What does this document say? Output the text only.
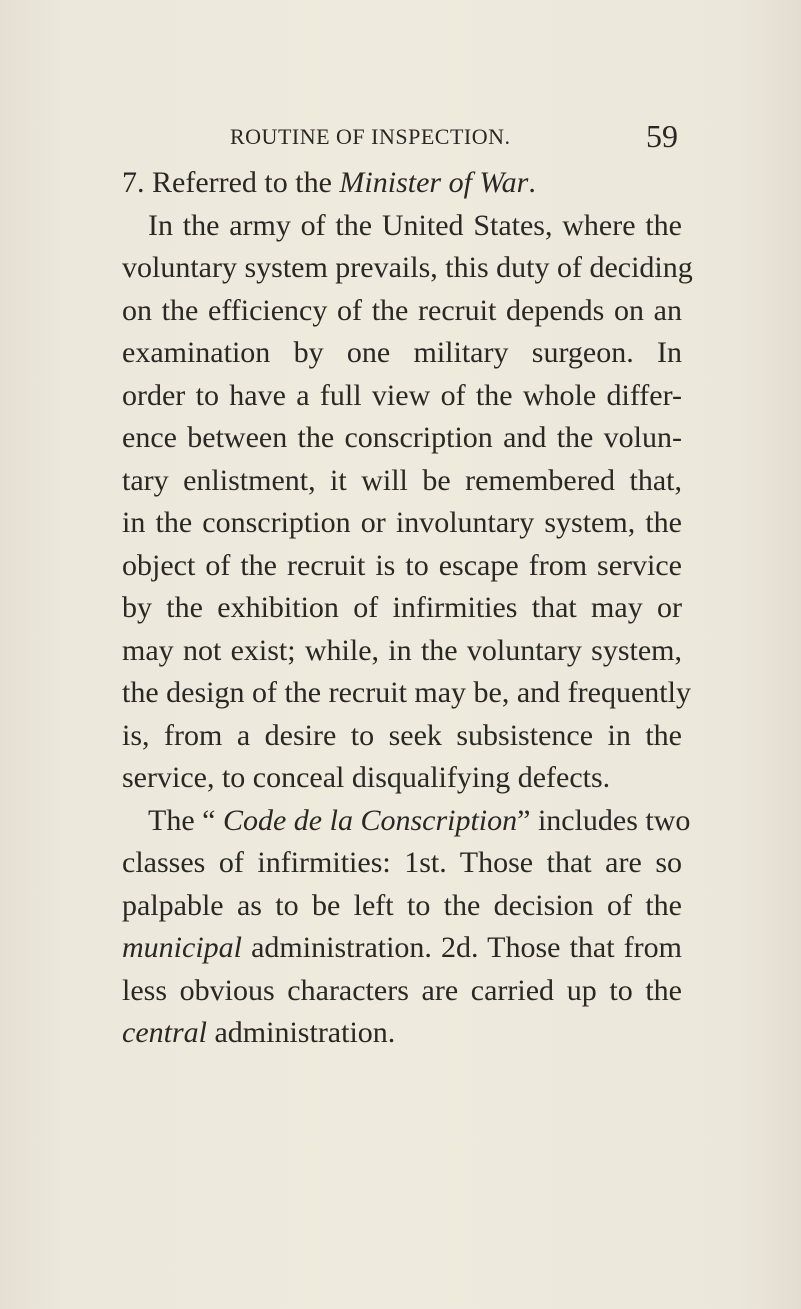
ROUTINE OF INSPECTION.	59
7. Referred to the Minister of War.
In the army of the United States, where the
voluntary system prevails, this duty of deciding
on the efficiency of the recruit depends on an
examination by one military surgeon. In
order to have a full view of the whole differ-
ence between the conscription and the volun-
tary enlistment, it will be remembered that,
in the conscription or involuntary system, the
object of the recruit is to escape from service
by the exhibition of infirmities that may or
may not exist; while, in the voluntary system,
the design of the recruit may be, and frequently
is, from a desire to seek subsistence in the
service, to conceal disqualifying defects.
The “ Code de la Conscription” includes two
classes of infirmities: 1st. Those that are so
palpable as to be left to the decision of the
municipal administration. 2d. Those that from
less obvious characters are carried up to the
central administration.
